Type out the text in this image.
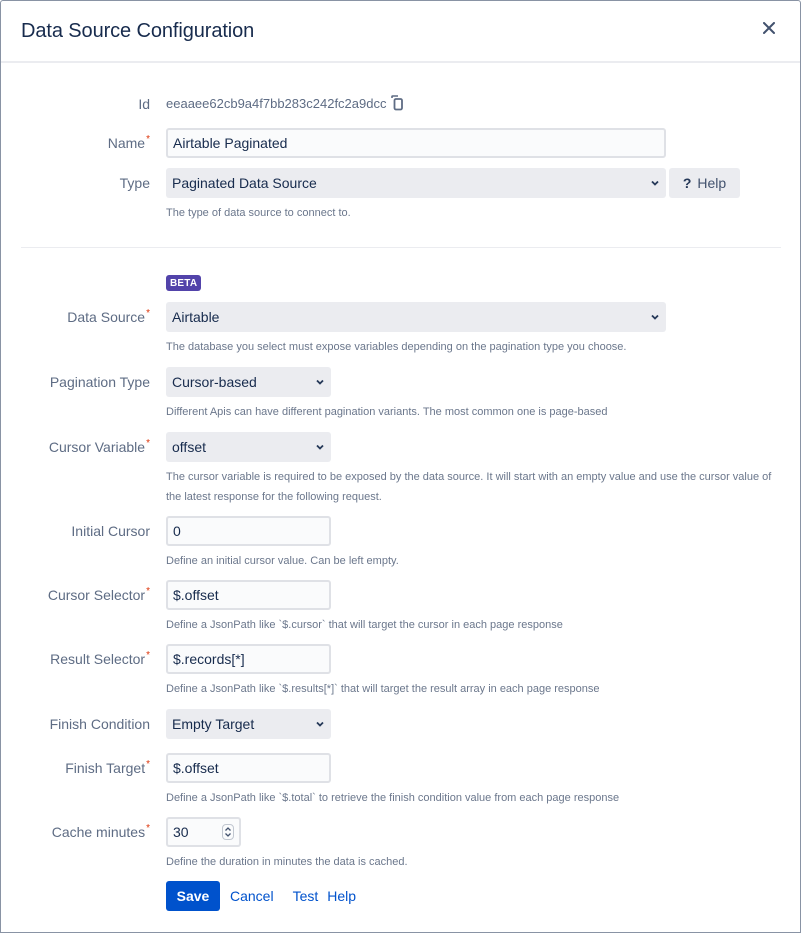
Data Source Configuration
Id eeaaee62cb9a4f7bb283c242fc2a9dcc
Name* Airtable Paginated
Type Paginated Data Source	? Help
The type of data source to connect to.
BETA
Data Source* Airtable
The database you select must expose variables depending on the pagination type you choose.
Pagination Type Cursor-based
Different Apis can have different pagination variants. The most common one is page-based
Cursor Variable* offset
The cursor variable is required to be exposed by the data source. It will start with an empty value and use the cursor value of
the latest response for the following request.
Initial Cursor 0
Define an initial cursor value. Can be left empty.
Cursor Selector* $.offset
Define a JsonPath like `$.cursor` that will target the cursor in each page response
Result Selector* $.records[*]
Define a JsonPath like `$.results[*]` that will target the result array in each page response
Finish Condition Empty Target
Finish Target* $.offset
Define a JsonPath like `$.total` to retrieve the finish condition value from each page response
Cache minutes* 30
Define the duration in minutes the data is cached.
Save	Cancel Test Help
